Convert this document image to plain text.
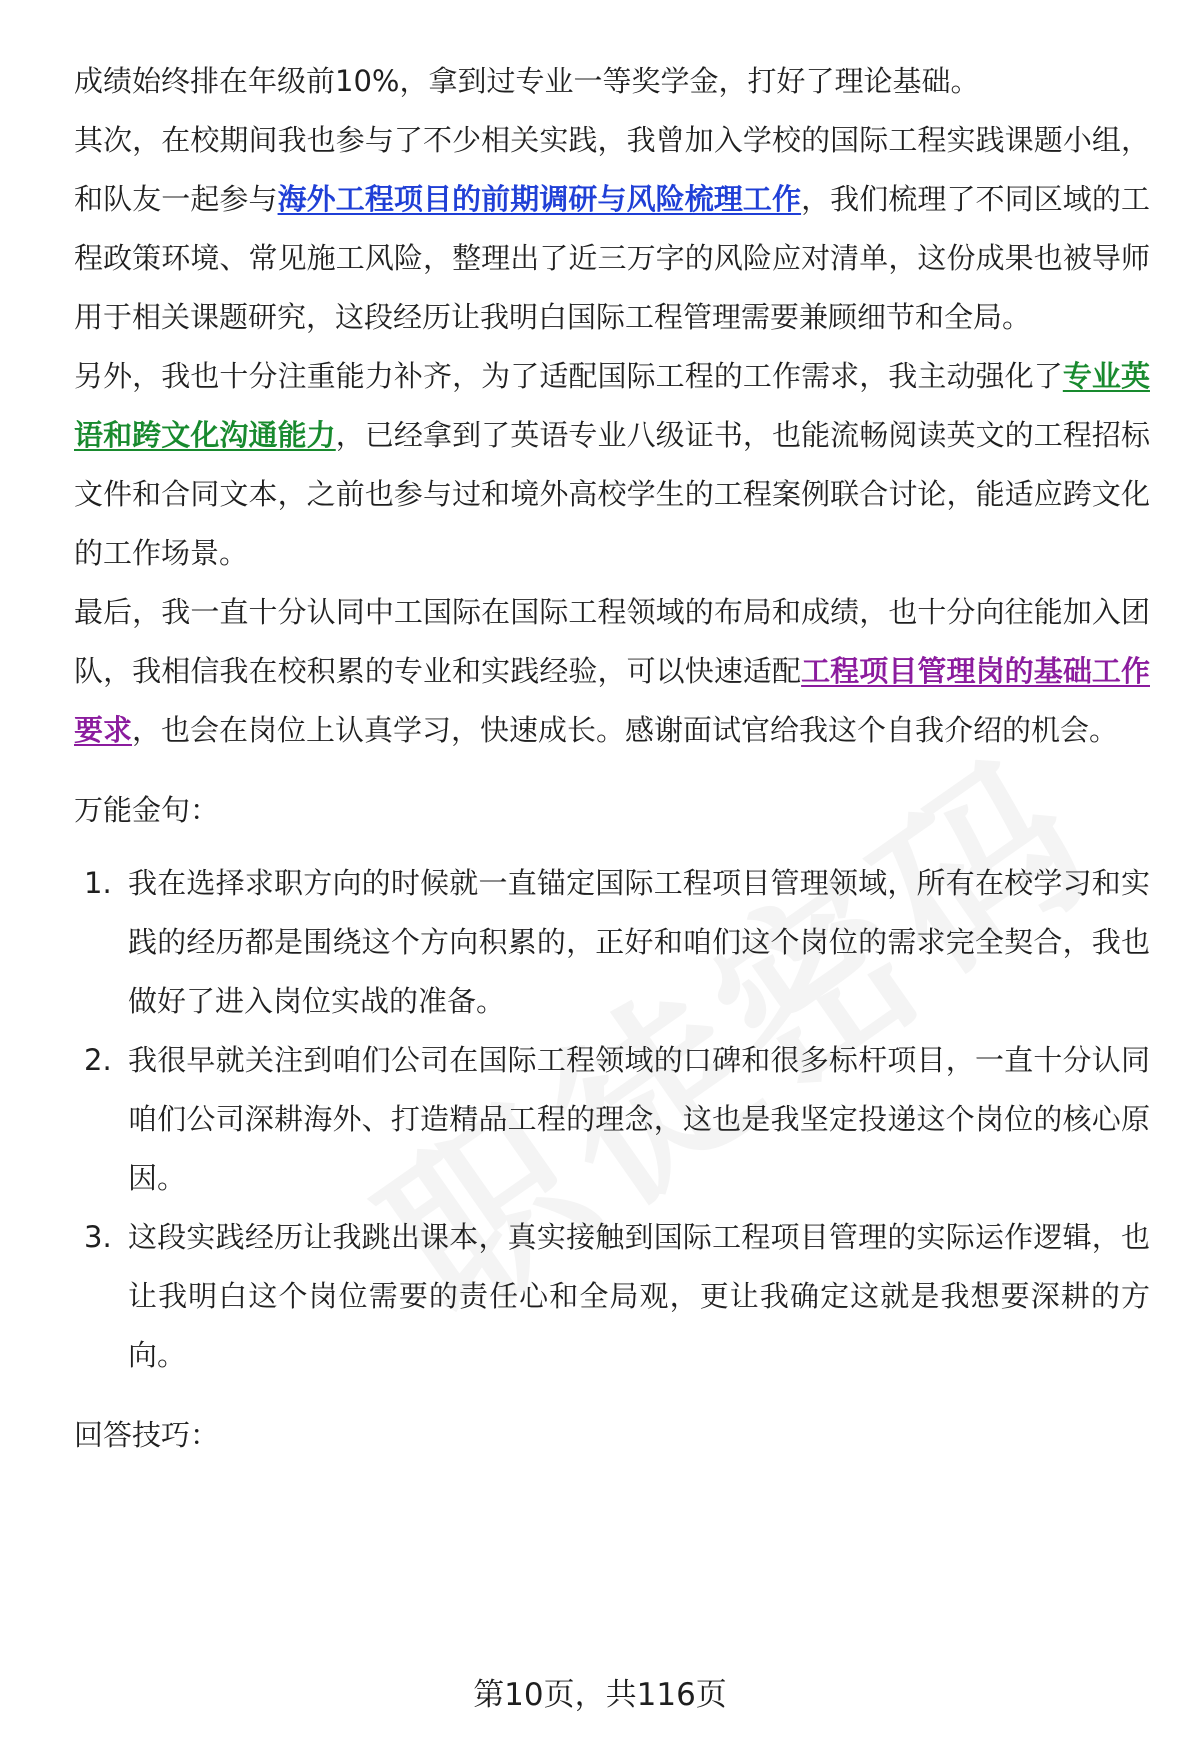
成绩始终排在年级前10%，拿到过专业一等奖学金，打好了理论基础。

其次，在校期间我也参与了不少相关实践，我曾加入学校的国际工程实践课题小组，和队友一起参与海外工程项目的前期调研与风险梳理工作，我们梳理了不同区域的工程政策环境、常见施工风险，整理出了近三万字的风险应对清单，这份成果也被导师用于相关课题研究，这段经历让我明白国际工程管理需要兼顾细节和全局。

另外，我也十分注重能力补齐，为了适配国际工程的工作需求，我主动强化了专业英语和跨文化沟通能力，已经拿到了英语专业八级证书，也能流畅阅读英文的工程招标文件和合同文本，之前也参与过和境外高校学生的工程案例联合讨论，能适应跨文化的工作场景。

最后，我一直十分认同中工国际在国际工程领域的布局和成绩，也十分向往能加入团队，我相信我在校积累的专业和实践经验，可以快速适配工程项目管理岗的基础工作要求，也会在岗位上认真学习，快速成长。感谢面试官给我这个自我介绍的机会。

万能金句：

1. 我在选择求职方向的时候就一直锚定国际工程项目管理领域，所有在校学习和实践的经历都是围绕这个方向积累的，正好和咱们这个岗位的需求完全契合，我也做好了进入岗位实战的准备。
2. 我很早就关注到咱们公司在国际工程领域的口碑和很多标杆项目，一直十分认同咱们公司深耕海外、打造精品工程的理念，这也是我坚定投递这个岗位的核心原因。
3. 这段实践经历让我跳出课本，真实接触到国际工程项目管理的实际运作逻辑，也让我明白这个岗位需要的责任心和全局观，更让我确定这就是我想要深耕的方向。

回答技巧：

第10页，共116页
